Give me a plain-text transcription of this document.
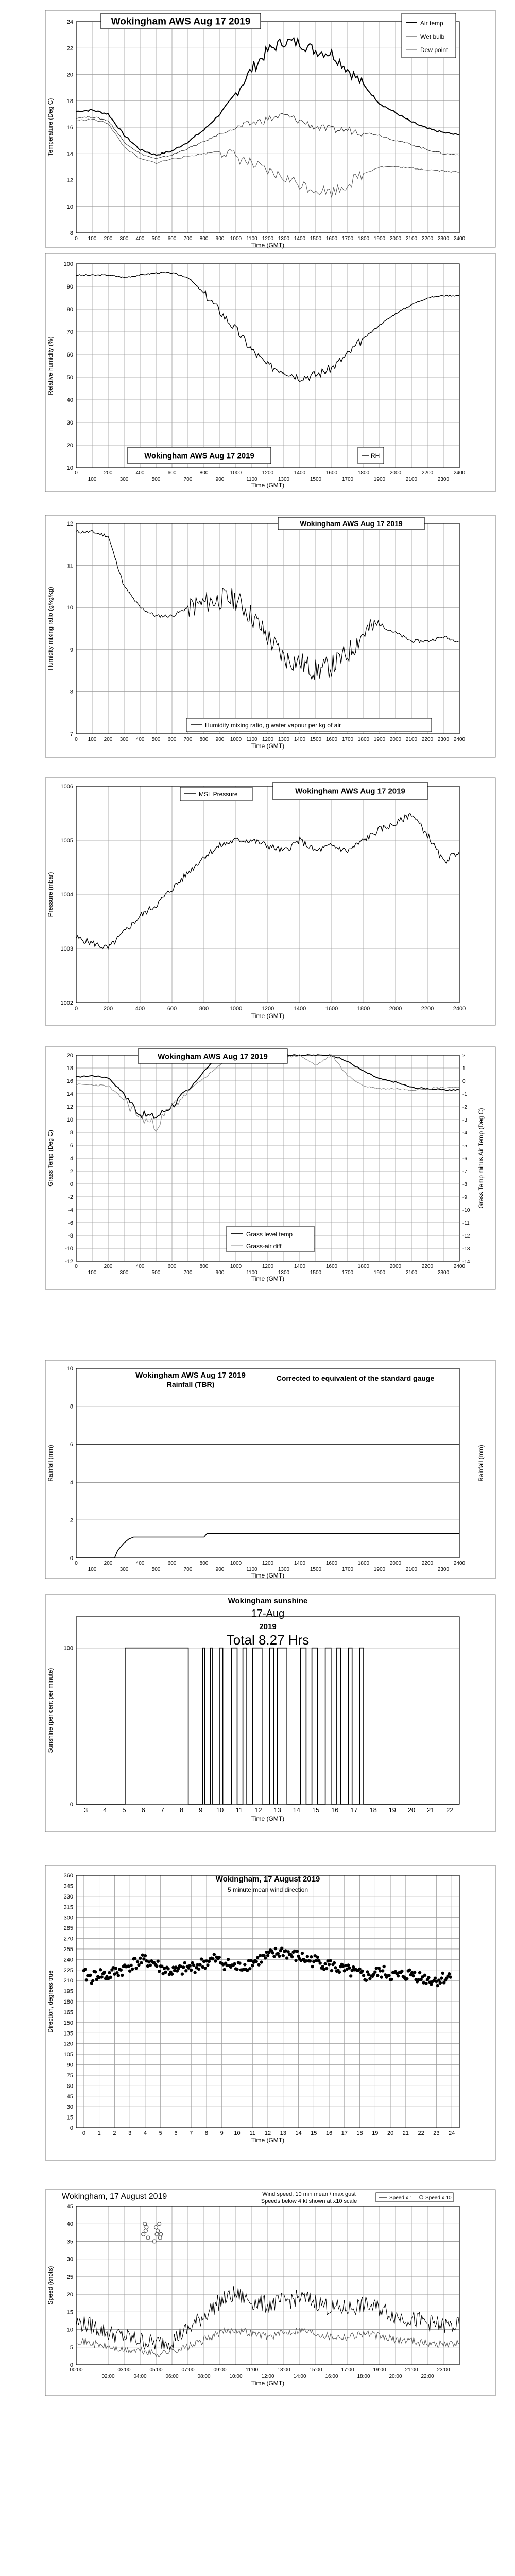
8
10
12
14
16
18
20
22
24
0 100 200 300 400 500 600 700 800 900 1000 1100 1200 1300 1400 1500 1600 1700 1800 1900 2000 2100 2200 2300 2400
Time (GMT)
Temperature (Deg C)
Wokingham AWS Aug 17 2019	Air temp
Wet bulb
Dew point
10
20
30
40
50
60
70
80
90
100
0	200	400	600	800	1000	1200	1400	1600	1800	2000	2200	2400
100	300	500	700	900	1100	1300	1500	1700	1900	2100	2300
Time (GMT)
Relative humidity (%)
Wokingham AWS Aug 17 2019	RH
7
8
9
10
11
12
0 100 200 300 400 500 600 700 800 900 1000 1100 1200 1300 1400 1500 1600 1700 1800 1900 2000 2100 2200 2300 2400
Time (GMT)
Humidity mixing ratio (g/kg/kg)
Wokingham AWS Aug 17 2019
Humidity mixing ratio, g water vapour per kg of air
1002
1003
1004
1005
1006
0	200	400	600	800	1000	1200	1400	1600	1800	2000	2200	2400
Time (GMT)
Pressure (mbar)
MSL Pressure	Wokingham AWS Aug 17 2019
-12
-10
-8
-6
-4
-2
0
2
4
6
8
10
12
14
16
18
20
-14
-13
-12
-11
-10
-9
-8
-7
-6
-5
-4
-3
-2
-1
0
1
2
0	200	400	600	800	1000	1200	1400	1600	1800	2000	2200	2400
100	300	500	700	900	1100	1300	1500	1700	1900	2100	2300
Time (GMT)
Grass Temp (Deg C)	Grass Temp minus Air Temp (Deg C)
Wokingham AWS Aug 17 2019
Grass level temp
Grass-air diff
0
2
4
6
8
10
0	200	400	600	800	1000	1200	1400	1600	1800	2000	2200	2400
100	300	500	700	900	1100	1300	1500	1700	1900	2100	2300
Time (GMT)
Rainfall (mm)	Rainfall (mm)
Wokingham AWS Aug 17 2019
Rainfall (TBR)
Corrected to equivalent of the standard gauge
0
100
3 4 5 6 7 8 9 10 11 12 13 14 15 16 17 18 19 20 21 22
Time (GMT)
Sunshine (per cent per minute)
Wokingham sunshine
17-Aug
2019
Total 8.27 Hrs
0
15
30
45
60
75
90
105
120
135
150
165
180
195
210
225
240
255
270
285
300
315
330
345
360
0 1 2 3 4 5 6 7 8 9 10 11 12 13 14 15 16 17 18 19 20 21 22 23 24
Time (GMT)
Direction, degrees true
Wokingham, 17 August 2019
5 minute mean wind direction
0
5
10
15
20
25
30
35
40
45
00:00
02:00
03:00
04:00
05:00
06:00
07:00
08:00
09:00
10:00
11:00
12:00
13:00
14:00
15:00
16:00
17:00
18:00
19:00
20:00
21:00
22:00
23:00
Time (GMT)
Speed (knots)
Wokingham, 17 August 2019	Wind speed, 10 min mean / max gust
Speeds below 4 kt shown at x10 scale
Speed x 1 Speed x 10
